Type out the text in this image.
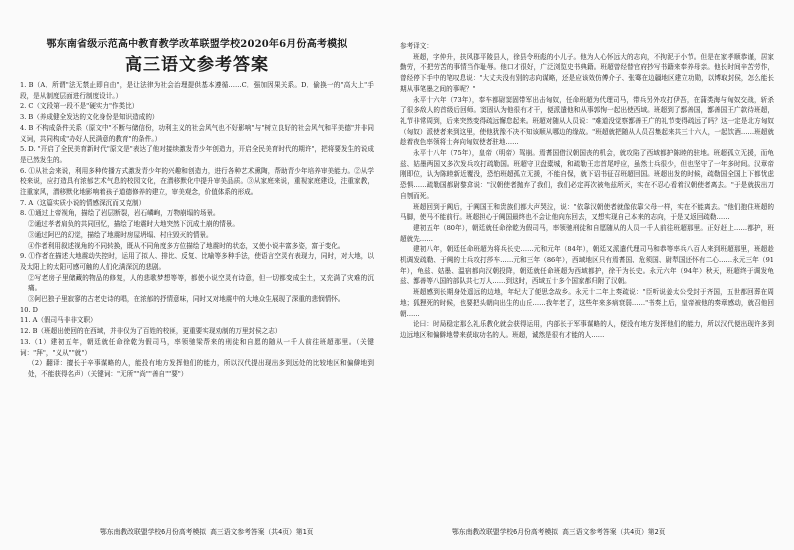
鄂东南省级示范高中教育教学改革联盟学校2020年6月份高考模拟
高三语文参考答案

1. B（A．所谓"法无禁止即自由"，是让法律为社会治理提供基本遵循……C．强加因果关系。D．偷换一的"高大上"手段，是从制度层面进行制度设计。）

2. C（文段第一段不是"硬实力"作类比）

3. B（养成健全发达的文化身份是知识造成的）

4. B 不构成条件关系（原文中"不断与储信份，功利主义的社会风气也不好影响"与"树立良好的社会风气和平美德"并非同义词，共同构成"办好人民满意的教育"的条件。）

5. D. "开启了全民美育新时代"原文是"表达了他对接续激发青少年创造力，开启全民美育时代的期许"，把将要发生的说成是已然发生的。

6. ①从社会来说，利用多种传播方式激发青少年的兴趣和创造力，进行各种艺术熏陶，帮助青少年培养审美能力。②从学校来说，应打造具有浓郁艺术气息的校园文化，在潜移默化中提升审美品质。③从家庭来说，重视家庭建设，注重家教，注重家风，潜移默化地影响着孩子道德修养的建立，审美观念，价值体系的形成。

7. A（这篇实质小说的情感深沉而又克制）

8. ①通过上帝视角，描绘了岩层断裂，岩石嶙峋，万物崩塌的场景。

②通过孝者肩负的共同回忆，描绘了地震时大地突然下沉成土崩的情景。

③通过阿巴的幻觉，描绘了地震时房屋坍塌、村庄毁灭的情景。

④作者利用叙述视角的不同转换，既从不同角度多方位描绘了地震时的状态，又使小说丰富多姿，富于变化。

9. ①作者在描述大地震动失控时，运用了拟人、排比、反复、比喻等多种手法，使语言空灵有表现力，同时，对大地，以及太阳上的太阳可感可触的人们化满深沉的悲剧。

②写老房子里储藏的物品的修复，人的悲歌梦想等等，都使小说空灵有诗意，但一切都变成尘土，又充满了灾难的沉痛。

③阿巴独子里寂寥的古老史诗的唱，在浓郁的抒情意味，同时又对地震中的大地众生展现了深重的悲悯情怀。

10. D

11. A（假司马非非文职）

12. B（班超出使回的在西域，并非仅为了百姓的校匪，更重要实现劝制的万里封侯之志）

13.（1）建初五年，朝廷就任命徐乾为假司马，率领驰梁帮来的刑徒和自愿的随从一千人前往班超那里。（关键词："拜"，"义从""就"）

（2）翻译：擅长于辛事谋略的人，能投有地方发挥他们的能力，所以汉代提出现出多到远处的比较地区和偏僻地到处，不能获得名声）（关键词："无所""尚""善自""要"）

参考译文：

班超，字仲升，扶风郡平陵县人，徐县令班彪的小儿子。他为人心怀远大的志向，不拘泥于小节。但是在家孝顺恭谨，居家勤劳，不把劳苦的事情当作耻辱。他口才很好，广泛浏览史书典籍。班超曾经替官府抄写书籍来奉养母亲。他长时间辛苦劳作，曾经停下手中的笔叹息说："大丈夫没有别的志向谋略，还是应该效仿傅介子、张骞在边疆地区建立功勋，以博取封侯，怎么能长期从事笔墨之间的事呢？"

永平十六年（73年），奉车都尉窦固带军出击匈奴，任命班超为代理司马，带兵另外攻打伊吾，在蒲类海与匈奴交战，斩杀了很多敌人的首级后回师。窦固认为他很有才干，便派遣他和从事郭恂一起出使西域。班超到了鄯善国，鄯善国王广款待班超，礼节非常周到，后来突然变得疏远懈怠起来。班超对随从人员说："难道没觉察鄯善王广的礼节变得疏远了吗？这一定是北方匈奴（匈奴）派使者来到这里，使他犹豫不决不知该顺从哪边的缘故。"班超就把随从人员召集起来共三十六人，一起饮酒……班超就趁着夜色率领将士奔向匈奴使者驻地……

永平十八年（75年），皇帝（明帝）驾崩。焉耆国借汉朝国丧的机会，就攻陷了西域都护陈睦的驻地。班超孤立无援，而龟兹、姑墨两国又多次发兵攻打疏勒国。班超守卫盘橐城，和疏勒王忠首尾呼应，虽然士兵很少，但也坚守了一年多时间。汉章帝刚即位，认为陈睦新近覆没，恐怕班超孤立无援，不能自保，就下诏书征召班超回国。班超出发的时候，疏勒国全国上下都忧虑恐惧……疏勒国都尉黎弇说："汉朝使者抛弃了我们，我们必定再次被龟兹所灭，实在不忍心看着汉朝使者离去。"于是就拔出刀自刎而死。

班超回到于阗后，于阗国王和贵族们都大声哭泣，说："依靠汉朝使者就像依靠父母一样，实在不能离去。"他们抱住班超的马脚，使马不能前行。班超担心于阗国最终也不会让他向东回去，又想实现自己本来的志向，于是又返回疏勒……

建初五年（80年），朝廷就任命徐乾为假司马，率领驰刑徒和自愿随从的人员一千人前往班超那里。正好赶上……都护，班超就先……

建初八年，朝廷任命班超为将兵长史……元和元年（84年），朝廷又派遣代理司马和恭等率兵八百人来到班超那里，班超趁机调发疏勒、于阗的士兵攻打莎车……元和三年（86年），西域地区只有焉耆国、危须国、尉犁国还怀有二心……永元三年（91年），龟兹、姑墨、温宿都向汉朝投降，朝廷就任命班超为西域都护，徐干为长史。永元六年（94年）秋天，班超终于调发龟兹、鄯善等八国的部队共七万人……到这时，西域五十多个国家都归附了汉朝。

班超感到长期身处遥远的边地，年纪大了便思念故乡。永元十二年上奏疏说："臣听说姜太公受封于齐国，五世都回葬在周地；狐狸死的时候，也要把头朝向出生的山丘……我年老了，这些年来多病衰弱……"书奏上后，皇帝被他的奏章感动，就召他回朝……

论曰：时局稳定那么礼乐教化就会获得运用，内部长于军事谋略的人，便没有地方发挥他们的能力，所以汉代便出现许多到边远地区和偏僻地带来获取功名的人。班超，诚然是很有才能的人……

鄂东南教改联盟学校6月份高考模拟 高三语文参考答案（共4页）第1页	鄂东南教改联盟学校6月份高考模拟 高三语文参考答案（共4页）第2页
